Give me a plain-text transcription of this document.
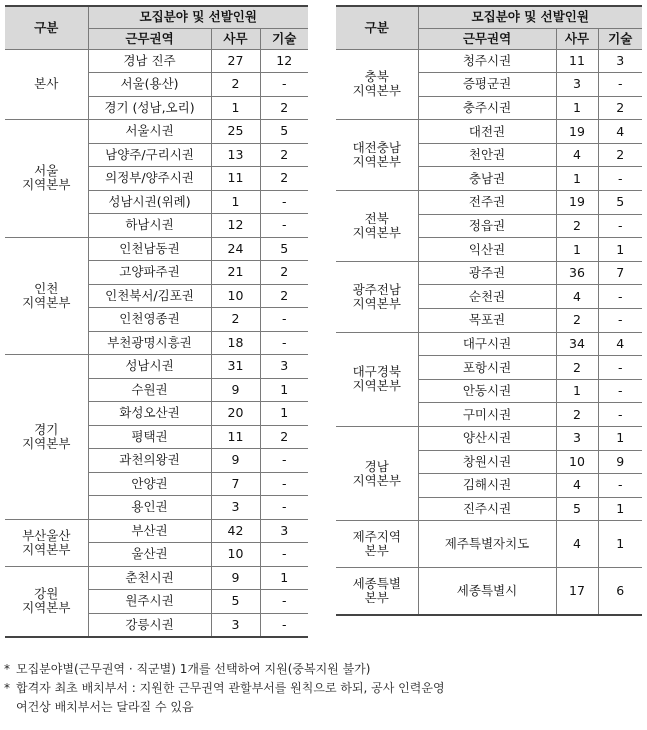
구분	모집분야 및 선발인원		
	근무권역	사무	기술
본사	경남 진주	27	12
	서울(용산)	2	-
	경기 (성남,오리)	1	2
서울
지역본부	서울시권	25	5
	남양주/구리시권	13	2
	의정부/양주시권	11	2
	성남시권(위례)	1	-
	하남시권	12	-
인천
지역본부	인천남동권	24	5
	고양파주권	21	2
	인천북서/김포권	10	2
	인천영종권	2	-
	부천광명시흥권	18	-
경기
지역본부	성남시권	31	3
	수원권	9	1
	화성오산권	20	1
	평택권	11	2
	과천의왕권	9	-
	안양권	7	-
	용인권	3	-
부산울산
지역본부	부산권	42	3
	울산권	10	-
강원
지역본부	춘천시권	9	1
	원주시권	5	-
	강릉시권	3	-
구분	모집분야 및 선발인원		
	근무권역	사무	기술
충북
지역본부	청주시권	11	3
	증평군권	3	-
	충주시권	1	2
대전충남
지역본부	대전권	19	4
	천안권	4	2
	충남권	1	-
전북
지역본부	전주권	19	5
	정읍권	2	-
	익산권	1	1
광주전남
지역본부	광주권	36	7
	순천권	4	-
	목포권	2	-
대구경북
지역본부	대구시권	34	4
	포항시권	2	-
	안동시권	1	-
	구미시권	2	-
경남
지역본부	양산시권	3	1
	창원시권	10	9
	김해시권	4	-
	진주시권	5	1
제주지역
본부	제주특별자치도	4	1
세종특별
본부	세종특별시	17	6
* 모집분야별(근무권역 · 직군별) 1개를 선택하여 지원(중복지원 불가)
* 합격자 최초 배치부서 : 지원한 근무권역 관할부서를 원칙으로 하되, 공사 인력운영
여건상 배치부서는 달라질 수 있음
